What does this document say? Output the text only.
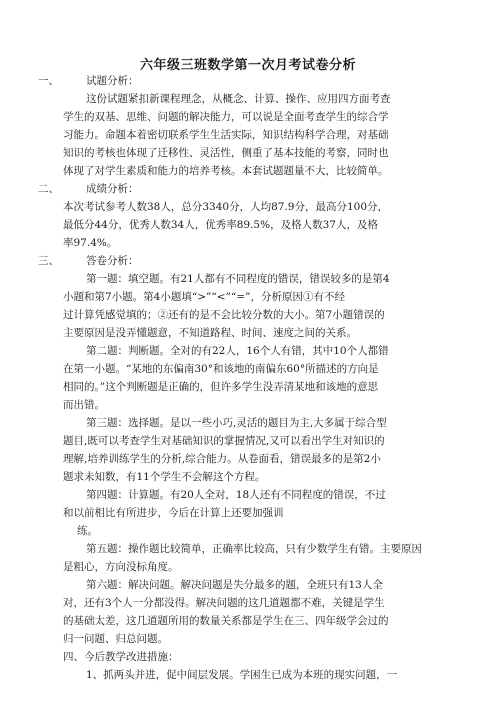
六年级三班数学第一次月考试卷分析
一、	试题分析：
这份试题紧扣新课程理念，从概念、计算、操作、应用四方面考查
学生的双基、思维、问题的解决能力，可以说是全面考查学生的综合学
习能力。命题本着密切联系学生生活实际，知识结构科学合理，对基础
知识的考核也体现了迁移性、灵活性，侧重了基本技能的考察，同时也
体现了对学生素质和能力的培养考核。本套试题题量不大，比较简单。
二、	成绩分析：
本次考试参考人数38人，总分3340分，人均87.9分，最高分100分，
最低分44分，优秀人数34人，优秀率89.5%，及格人数37人，及格
率97.4%。
三、	答卷分析：
第一题：填空题。有21人都有不同程度的错误，错误较多的是第4
小题和第7小题。第4小题填“>”“<”“=”，分析原因①有不经
过计算凭感觉填的；②还有的是不会比较分数的大小。第7小题错误的
主要原因是没弄懂题意，不知道路程、时间、速度之间的关系。
第二题：判断题。全对的有22人，16个人有错，其中10个人都错
在第一小题。“某地的东偏南30°和该地的南偏东60°所描述的方向是
相同的。”这个判断题是正确的，但许多学生没弄清某地和该地的意思
而出错。
第三题：选择题。是以一些小巧,灵活的题目为主,大多属于综合型
题目,既可以考查学生对基础知识的掌握情况,又可以看出学生对知识的
理解,培养训练学生的分析,综合能力。从卷面看，错误最多的是第2小
题求未知数，有11个学生不会解这个方程。
第四题：计算题。有20人全对，18人还有不同程度的错误，不过
和以前相比有所进步，今后在计算上还要加强训
练。
第五题：操作题比较简单，正确率比较高，只有少数学生有错。主要原因
是粗心，方向没标角度。
第六题：解决问题。解决问题是失分最多的题，全班只有13人全
对，还有3个人一分都没得。解决问题的这几道题都不难，关键是学生
的基础太差，这几道题所用的数量关系都是学生在三、四年级学会过的
归一问题、归总问题。
四、 今后教学改进措施：
1、抓两头并进，促中间层发展。学困生已成为本班的现实问题，一
